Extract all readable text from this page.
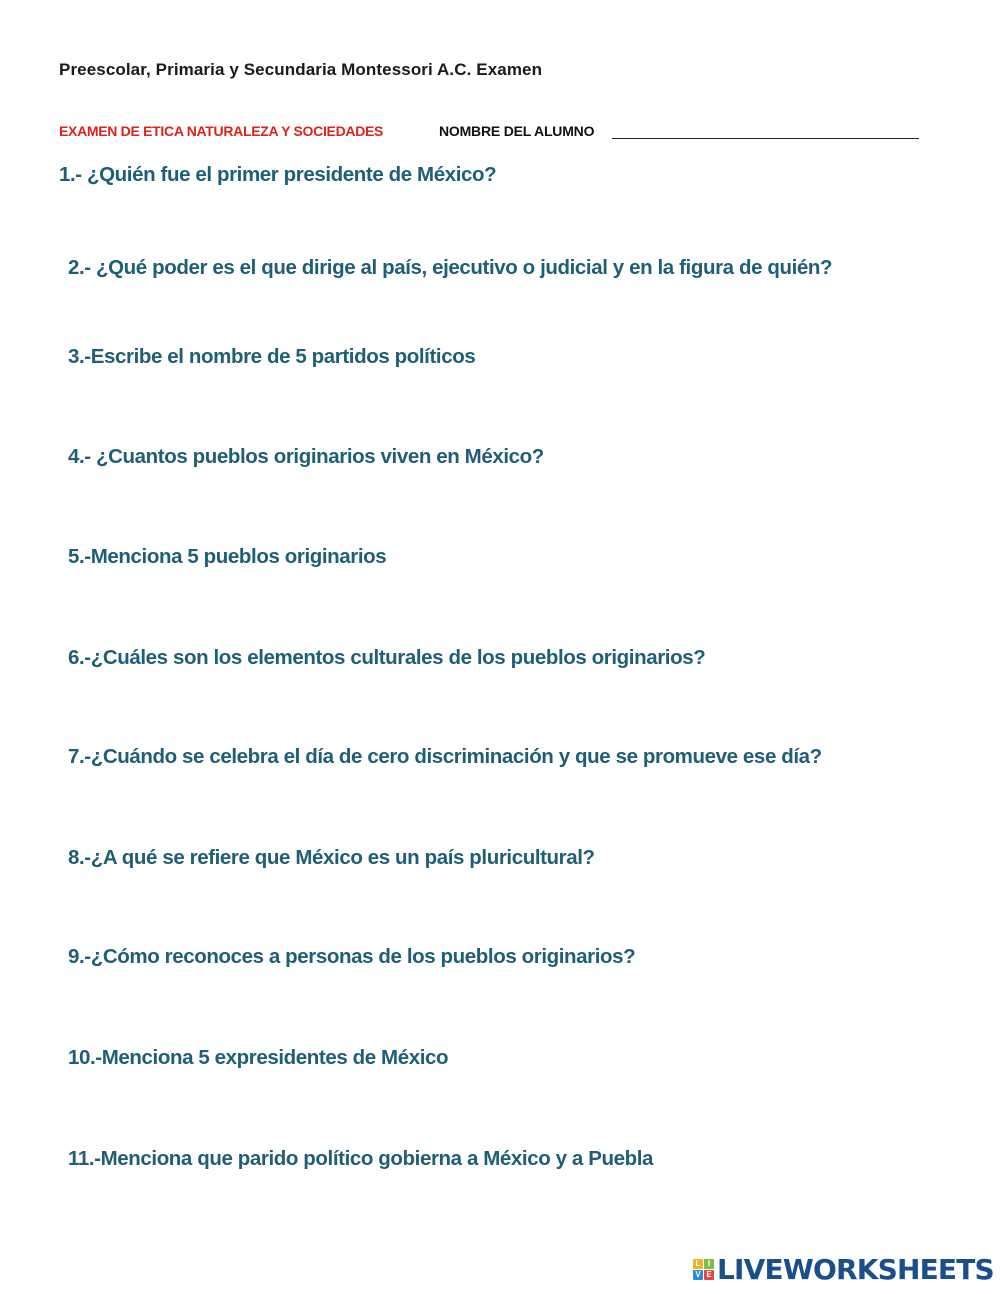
Preescolar, Primaria y Secundaria Montessori A.C. Examen
EXAMEN DE ETICA NATURALEZA Y SOCIEDADES	NOMBRE DEL ALUMNO
1.- ¿Quién fue el primer presidente de México?
2.- ¿Qué poder es el que dirige al país, ejecutivo o judicial y en la figura de quién?
3.-Escribe el nombre de 5 partidos políticos
4.- ¿Cuantos pueblos originarios viven en México?
5.-Menciona 5 pueblos originarios
6.-¿Cuáles son los elementos culturales de los pueblos originarios?
7.-¿Cuándo se celebra el día de cero discriminación y que se promueve ese día?
8.-¿A qué se refiere que México es un país pluricultural?
9.-¿Cómo reconoces a personas de los pueblos originarios?
10.-Menciona 5 expresidentes de México
11.-Menciona que parido político gobierna a México y a Puebla
L I
V E LIVEWORKSHEETS
